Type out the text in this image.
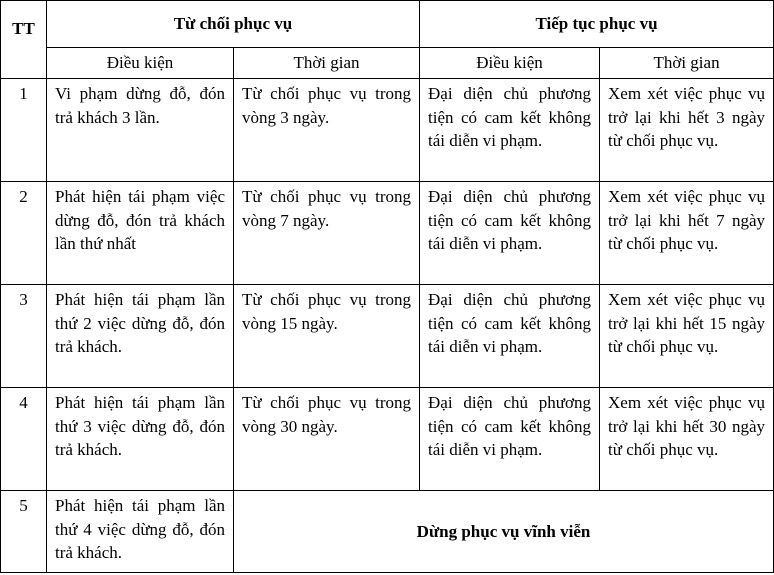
TT	Từ chối phục vụ		Tiếp tục phục vụ	
	Điều kiện	Thời gian	Điều kiện	Thời gian
1	Vi phạm dừng đỗ, đón trả khách 3 lần.	Từ chối phục vụ trong vòng 3 ngày.	Đại diện chủ phương tiện có cam kết không tái diễn vi phạm.	Xem xét việc phục vụ trở lại khi hết 3 ngày từ chối phục vụ.
2	Phát hiện tái phạm việc dừng đỗ, đón trả khách lần thứ nhất	Từ chối phục vụ trong vòng 7 ngày.	Đại diện chủ phương tiện có cam kết không tái diễn vi phạm.	Xem xét việc phục vụ trở lại khi hết 7 ngày từ chối phục vụ.
3	Phát hiện tái phạm lần thứ 2 việc dừng đỗ, đón trả khách.	Từ chối phục vụ trong vòng 15 ngày.	Đại diện chủ phương tiện có cam kết không tái diễn vi phạm.	Xem xét việc phục vụ trở lại khi hết 15 ngày từ chối phục vụ.
4	Phát hiện tái phạm lần thứ 3 việc dừng đỗ, đón trả khách.	Từ chối phục vụ trong vòng 30 ngày.	Đại diện chủ phương tiện có cam kết không tái diễn vi phạm.	Xem xét việc phục vụ trở lại khi hết 30 ngày từ chối phục vụ.
5	Phát hiện tái phạm lần thứ 4 việc dừng đỗ, đón trả khách.	Dừng phục vụ vĩnh viễn		
